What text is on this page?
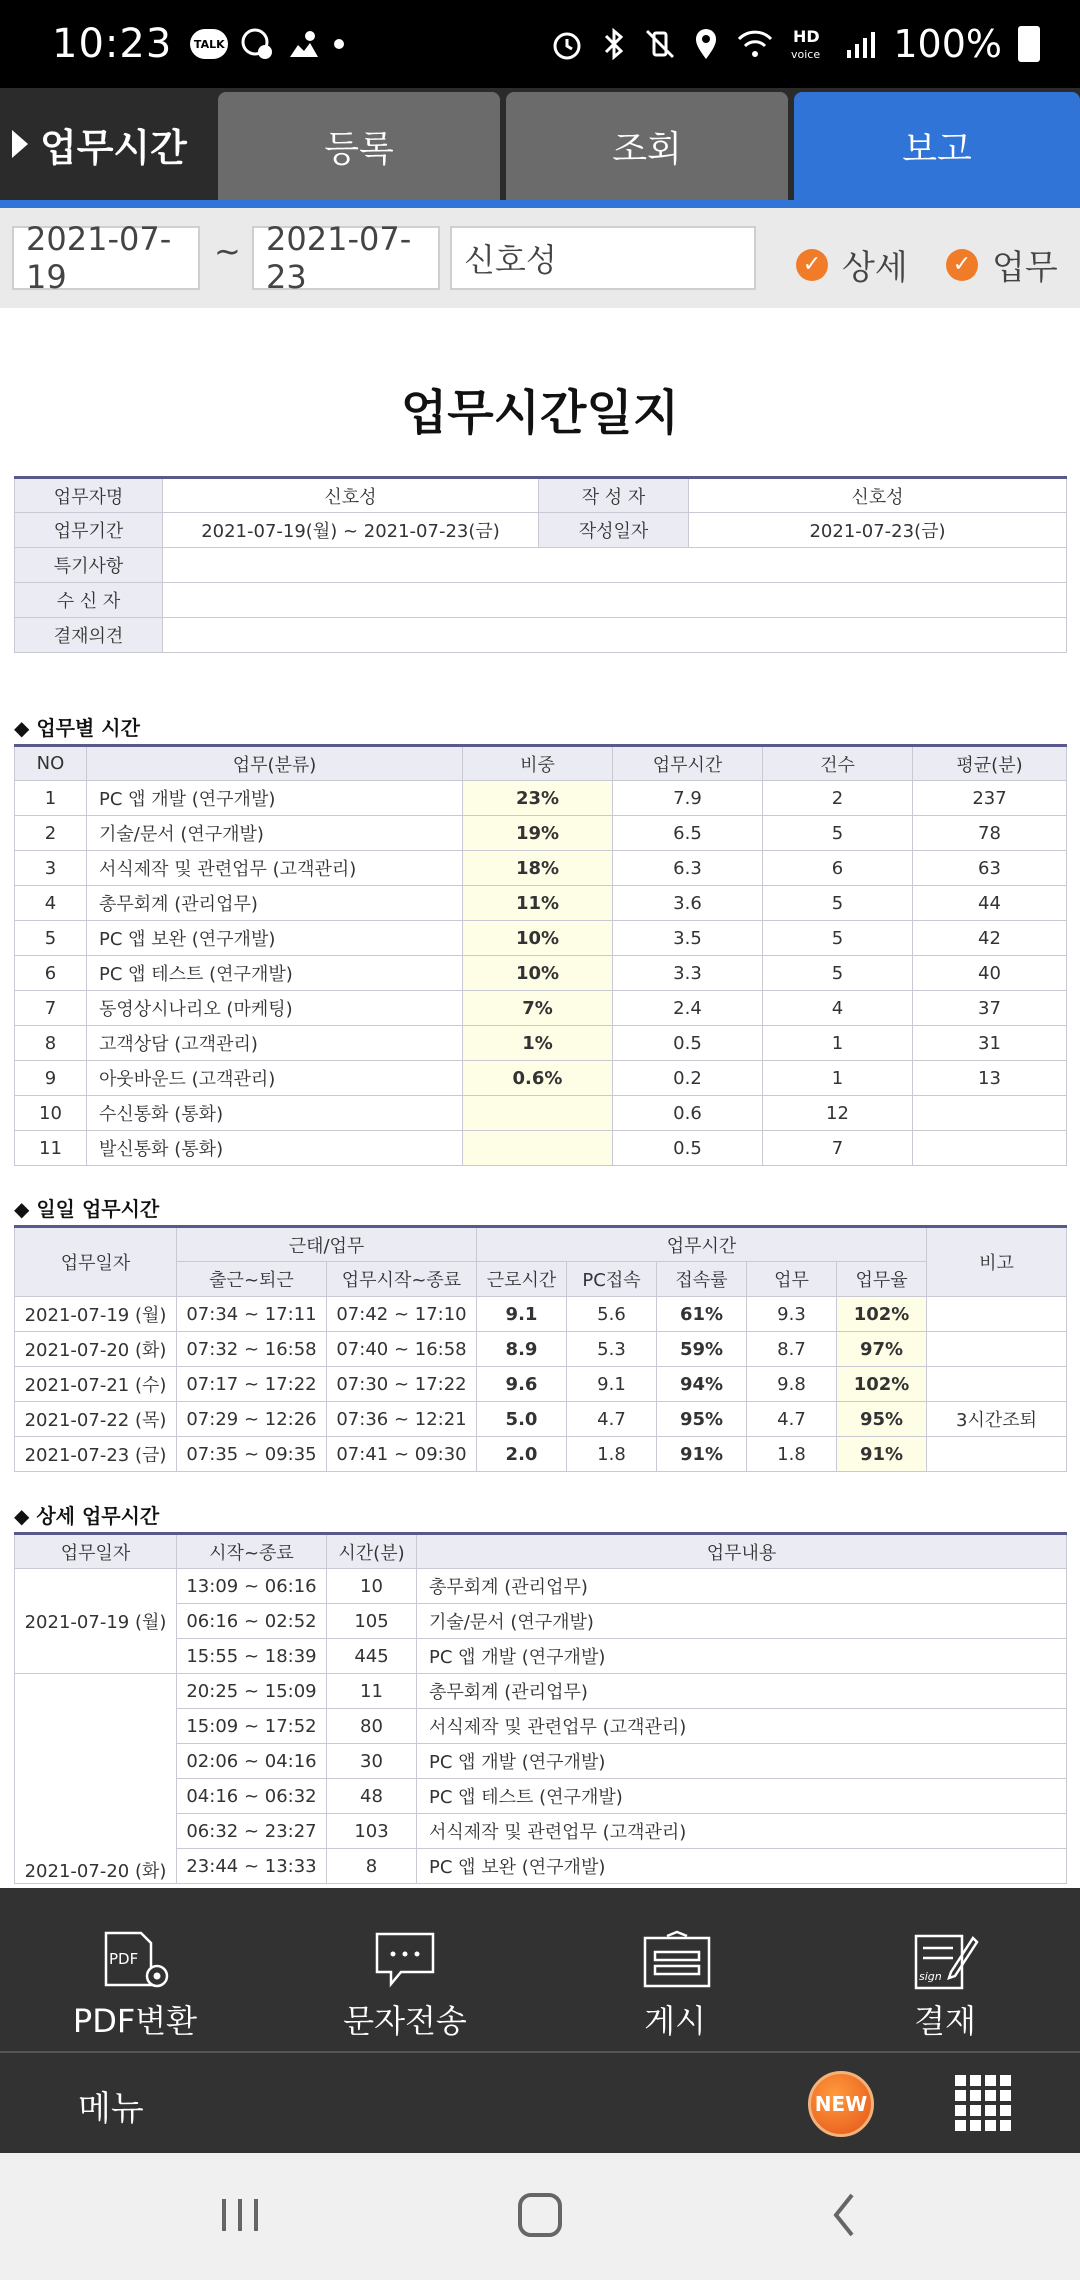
10:23	TALK	HD
voice 100%
업무시간	등록	조회	보고
2021-07-19
2021-07-23	신호성
~	✓ 상세	✓ 업무
업무시간일지
업무자명	신호성	작 성 자	신호성
업무기간	2021-07-19(월) ~ 2021-07-23(금)	작성일자	2021-07-23(금)
특기사항			
수 신 자			
결재의견			
◆ 업무별 시간
NO	업무(분류)	비중	업무시간	건수	평균(분)
1	PC 앱 개발 (연구개발)	23%	7.9	2	237
2	기술/문서 (연구개발)	19%	6.5	5	78
3	서식제작 및 관련업무 (고객관리)	18%	6.3	6	63
4	총무회계 (관리업무)	11%	3.6	5	44
5	PC 앱 보완 (연구개발)	10%	3.5	5	42
6	PC 앱 테스트 (연구개발)	10%	3.3	5	40
7	동영상시나리오 (마케팅)	7%	2.4	4	37
8	고객상담 (고객관리)	1%	0.5	1	31
9	아웃바운드 (고객관리)	0.6%	0.2	1	13
10	수신통화 (통화)		0.6	12	
11	발신통화 (통화)		0.5	7	
◆ 일일 업무시간
업무일자	근태/업무		업무시간					비고
	출근~퇴근	업무시작~종료	근로시간	PC접속	접속률	업무	업무율	
2021-07-19 (월)	07:34 ~ 17:11	07:42 ~ 17:10	9.1	5.6	61%	9.3	102%	
2021-07-20 (화)	07:32 ~ 16:58	07:40 ~ 16:58	8.9	5.3	59%	8.7	97%	
2021-07-21 (수)	07:17 ~ 17:22	07:30 ~ 17:22	9.6	9.1	94%	9.8	102%	
2021-07-22 (목)	07:29 ~ 12:26	07:36 ~ 12:21	5.0	4.7	95%	4.7	95%	3시간조퇴
2021-07-23 (금)	07:35 ~ 09:35	07:41 ~ 09:30	2.0	1.8	91%	1.8	91%	
◆ 상세 업무시간
업무일자	시작~종료	시간(분)	업무내용
2021-07-19 (월)	13:09 ~ 06:16	10	총무회계 (관리업무)
	06:16 ~ 02:52	105	기술/문서 (연구개발)
	15:55 ~ 18:39	445	PC 앱 개발 (연구개발)
2021-07-20 (화)	20:25 ~ 15:09	11	총무회계 (관리업무)
	15:09 ~ 17:52	80	서식제작 및 관련업무 (고객관리)
	02:06 ~ 04:16	30	PC 앱 개발 (연구개발)
	04:16 ~ 06:32	48	PC 앱 테스트 (연구개발)
	06:32 ~ 23:27	103	서식제작 및 관련업무 (고객관리)
	23:44 ~ 13:33	8	PC 앱 보완 (연구개발)
PDF
PDF변환	문자전송	게시
sign
결재
메뉴	NEW
